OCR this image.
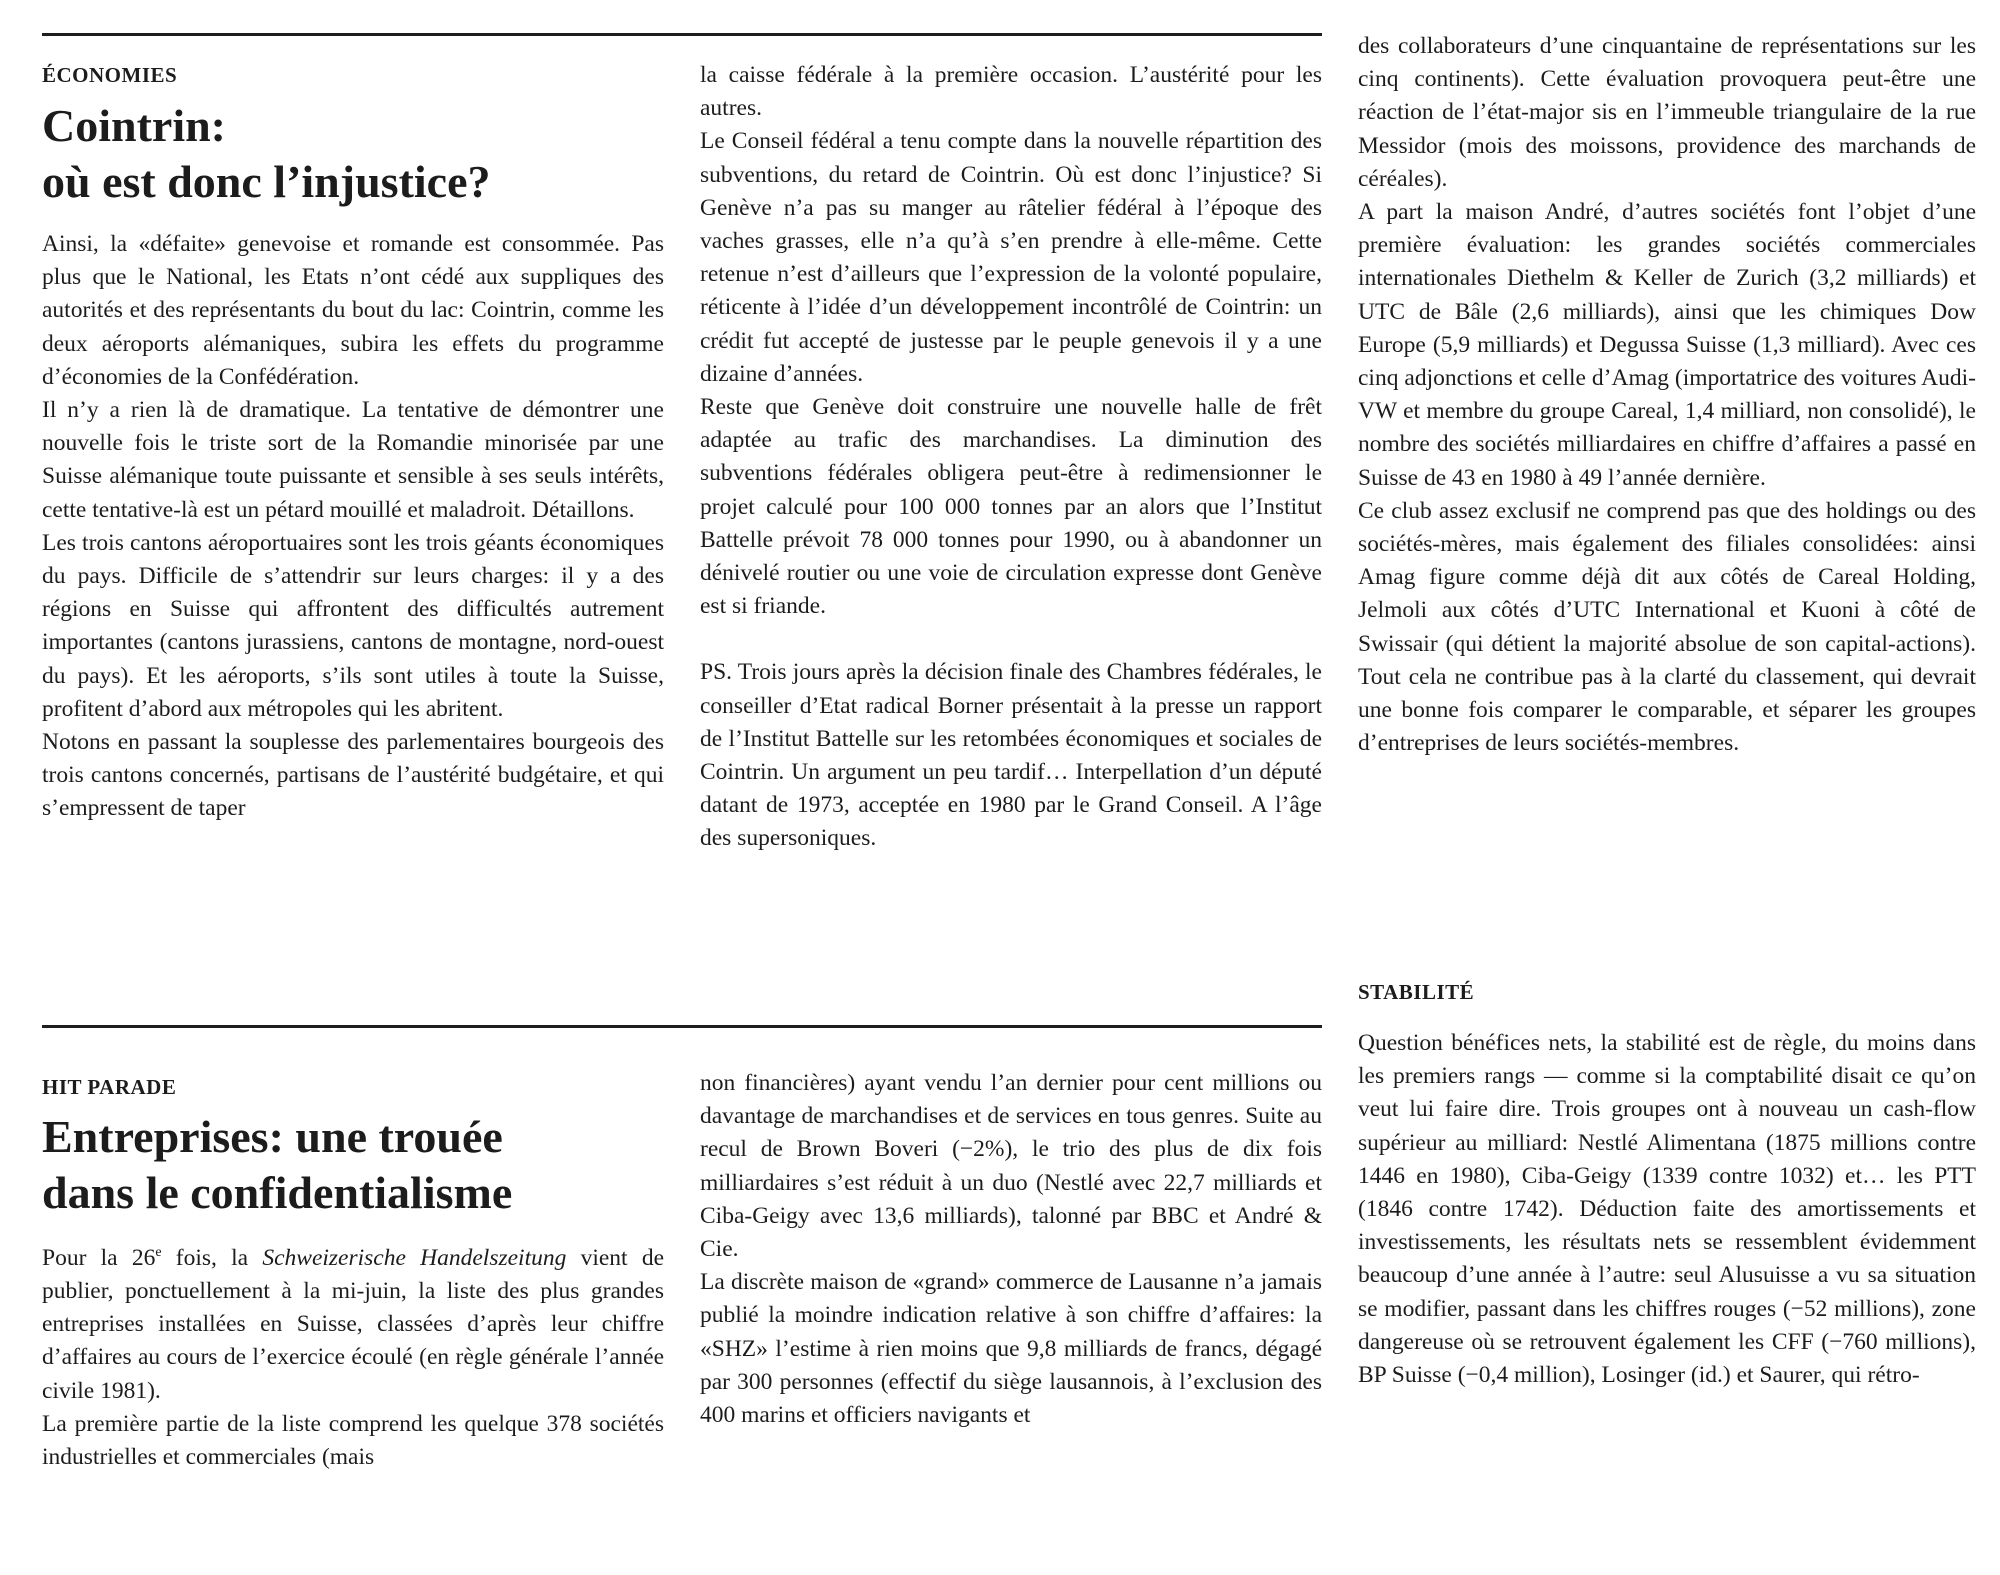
ÉCONOMIES
Cointrin:
où est donc l’injustice?

Ainsi, la «défaite» genevoise et romande est consommée. Pas plus que le National, les Etats n’ont cédé aux suppliques des autorités et des représentants du bout du lac: Cointrin, comme les deux aéroports alémaniques, subira les effets du programme d’économies de la Confédération.

Il n’y a rien là de dramatique. La tentative de démontrer une nouvelle fois le triste sort de la Romandie minorisée par une Suisse alémanique toute puissante et sensible à ses seuls intérêts, cette tentative-là est un pétard mouillé et maladroit. Détaillons.

Les trois cantons aéroportuaires sont les trois géants économiques du pays. Difficile de s’attendrir sur leurs charges: il y a des régions en Suisse qui affrontent des difficultés autrement importantes (cantons jurassiens, cantons de montagne, nord-ouest du pays). Et les aéroports, s’ils sont utiles à toute la Suisse, profitent d’abord aux métropoles qui les abritent.

Notons en passant la souplesse des parlementaires bourgeois des trois cantons concernés, partisans de l’austérité budgétaire, et qui s’empressent de taper

la caisse fédérale à la première occasion. L’austérité pour les autres.

Le Conseil fédéral a tenu compte dans la nouvelle répartition des subventions, du retard de Cointrin. Où est donc l’injustice? Si Genève n’a pas su manger au râtelier fédéral à l’époque des vaches grasses, elle n’a qu’à s’en prendre à elle-même. Cette retenue n’est d’ailleurs que l’expression de la volonté populaire, réticente à l’idée d’un développement incontrôlé de Cointrin: un crédit fut accepté de justesse par le peuple genevois il y a une dizaine d’années.

Reste que Genève doit construire une nouvelle halle de frêt adaptée au trafic des marchandises. La diminution des subventions fédérales obligera peut-être à redimensionner le projet calculé pour 100 000 tonnes par an alors que l’Institut Battelle prévoit 78 000 tonnes pour 1990, ou à abandonner un dénivelé routier ou une voie de circulation expresse dont Genève est si friande.

PS. Trois jours après la décision finale des Chambres fédérales, le conseiller d’Etat radical Borner présentait à la presse un rapport de l’Institut Battelle sur les retombées économiques et sociales de Cointrin. Un argument un peu tardif… Interpellation d’un député datant de 1973, acceptée en 1980 par le Grand Conseil. A l’âge des supersoniques.

HIT PARADE
Entreprises: une trouée
dans le confidentialisme

Pour la 26e fois, la Schweizerische Handelszeitung vient de publier, ponctuellement à la mi-juin, la liste des plus grandes entreprises installées en Suisse, classées d’après leur chiffre d’affaires au cours de l’exercice écoulé (en règle générale l’année civile 1981).

La première partie de la liste comprend les quelque 378 sociétés industrielles et commerciales (mais

non financières) ayant vendu l’an dernier pour cent millions ou davantage de marchandises et de services en tous genres. Suite au recul de Brown Boveri (−2%), le trio des plus de dix fois milliardaires s’est réduit à un duo (Nestlé avec 22,7 milliards et Ciba-Geigy avec 13,6 milliards), talonné par BBC et André & Cie.

La discrète maison de «grand» commerce de Lausanne n’a jamais publié la moindre indication relative à son chiffre d’affaires: la «SHZ» l’estime à rien moins que 9,8 milliards de francs, dégagé par 300 personnes (effectif du siège lausannois, à l’exclusion des 400 marins et officiers navigants et

des collaborateurs d’une cinquantaine de représentations sur les cinq continents). Cette évaluation provoquera peut-être une réaction de l’état-major sis en l’immeuble triangulaire de la rue Messidor (mois des moissons, providence des marchands de céréales).

A part la maison André, d’autres sociétés font l’objet d’une première évaluation: les grandes sociétés commerciales internationales Diethelm & Keller de Zurich (3,2 milliards) et UTC de Bâle (2,6 milliards), ainsi que les chimiques Dow Europe (5,9 milliards) et Degussa Suisse (1,3 milliard). Avec ces cinq adjonctions et celle d’Amag (importatrice des voitures Audi-VW et membre du groupe Careal, 1,4 milliard, non consolidé), le nombre des sociétés milliardaires en chiffre d’affaires a passé en Suisse de 43 en 1980 à 49 l’année dernière.

Ce club assez exclusif ne comprend pas que des holdings ou des sociétés-mères, mais également des filiales consolidées: ainsi Amag figure comme déjà dit aux côtés de Careal Holding, Jelmoli aux côtés d’UTC International et Kuoni à côté de Swissair (qui détient la majorité absolue de son capital-actions). Tout cela ne contribue pas à la clarté du classement, qui devrait une bonne fois comparer le comparable, et séparer les groupes d’entreprises de leurs sociétés-membres.

STABILITÉ

Question bénéfices nets, la stabilité est de règle, du moins dans les premiers rangs — comme si la comptabilité disait ce qu’on veut lui faire dire. Trois groupes ont à nouveau un cash-flow supérieur au milliard: Nestlé Alimentana (1875 millions contre 1446 en 1980), Ciba-Geigy (1339 contre 1032) et… les PTT (1846 contre 1742). Déduction faite des amortissements et investissements, les résultats nets se ressemblent évidemment beaucoup d’une année à l’autre: seul Alusuisse a vu sa situation se modifier, passant dans les chiffres rouges (−52 millions), zone dangereuse où se retrouvent également les CFF (−760 millions), BP Suisse (−0,4 million), Losinger (id.) et Saurer, qui rétro-
